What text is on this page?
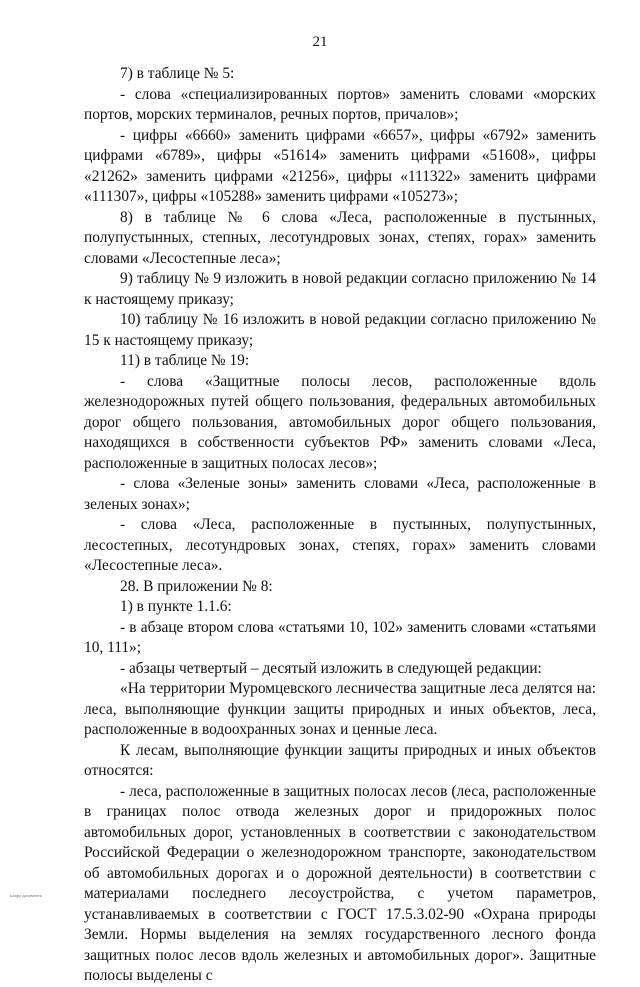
21

7) в таблице № 5:

- слова «специализированных портов» заменить словами «морских портов, морских терминалов, речных портов, причалов»;

- цифры «6660» заменить цифрами «6657», цифры «6792» заменить цифрами «6789», цифры «51614» заменить цифрами «51608», цифры «21262» заменить цифрами «21256», цифры «111322» заменить цифрами «111307», цифры «105288» заменить цифрами «105273»;

8) в таблице № 6 слова «Леса, расположенные в пустынных, полупустынных, степных, лесотундровых зонах, степях, горах» заменить словами «Лесостепные леса»;

9) таблицу № 9 изложить в новой редакции согласно приложению № 14 к настоящему приказу;

10) таблицу № 16 изложить в новой редакции согласно приложению № 15 к настоящему приказу;

11) в таблице № 19:

- слова «Защитные полосы лесов, расположенные вдоль железнодорожных путей общего пользования, федеральных автомобильных дорог общего пользования, автомобильных дорог общего пользования, находящихся в собственности субъектов РФ» заменить словами «Леса, расположенные в защитных полосах лесов»;

- слова «Зеленые зоны» заменить словами «Леса, расположенные в зеленых зонах»;

- слова «Леса, расположенные в пустынных, полупустынных, лесостепных, лесотундровых зонах, степях, горах» заменить словами «Лесостепные леса».

28. В приложении № 8:

1) в пункте 1.1.6:

- в абзаце втором слова «статьями 10, 102» заменить словами «статьями 10, 111»;

- абзацы четвертый – десятый изложить в следующей редакции:

«На территории Муромцевского лесничества защитные леса делятся на: леса, выполняющие функции защиты природных и иных объектов, леса, расположенные в водоохранных зонах и ценные леса.

К лесам, выполняющие функции защиты природных и иных объектов относятся:

- леса, расположенные в защитных полосах лесов (леса, расположенные в границах полос отвода железных дорог и придорожных полос автомобильных дорог, установленных в соответствии с законодательством Российской Федерации о железнодорожном транспорте, законодательством об автомобильных дорогах и о дорожной деятельности) в соответствии с материалами последнего лесоустройства, с учетом параметров, устанавливаемых в соответствии с ГОСТ 17.5.3.02-90 «Охрана природы Земли. Нормы выделения на землях государственного лесного фонда защитных полос лесов вдоль железных и автомобильных дорог». Защитные полосы выделены с

Шифр документа
